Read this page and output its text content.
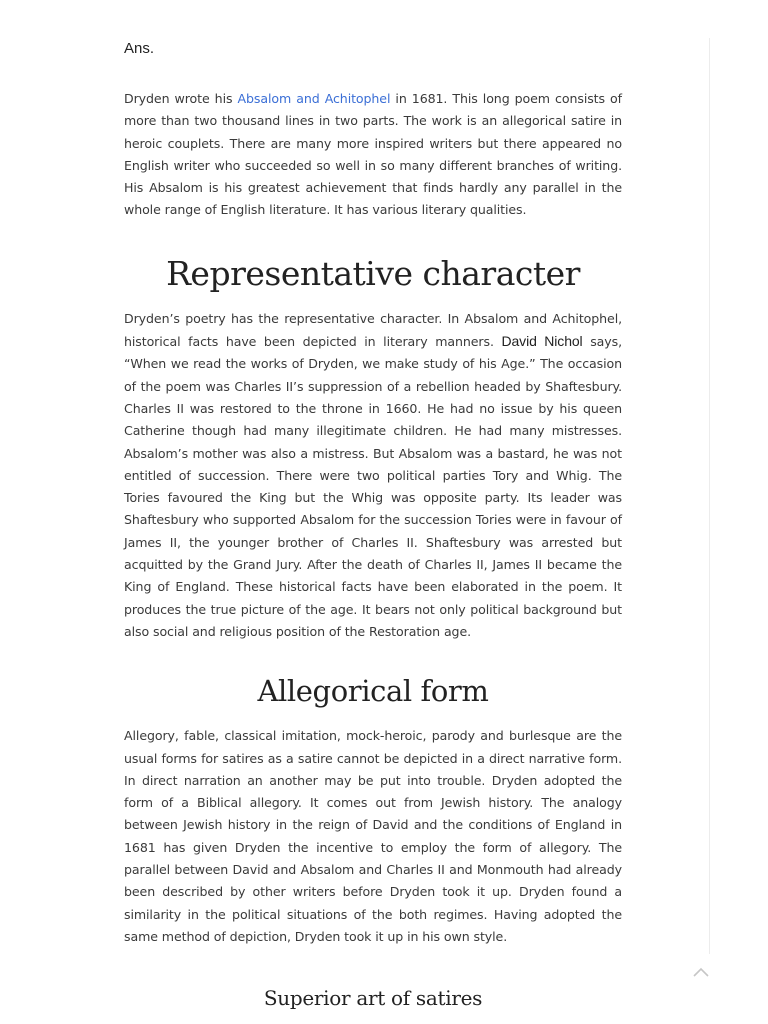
Ans.

Dryden wrote his Absalom and Achitophel in 1681. This long poem consists of more than two thousand lines in two parts. The work is an allegorical satire in heroic couplets. There are many more inspired writers but there appeared no English writer who succeeded so well in so many different branches of writing. His Absalom is his greatest achievement that finds hardly any parallel in the whole range of English literature. It has various literary qualities.

Representative character

Dryden’s poetry has the representative character. In Absalom and Achitophel, historical facts have been depicted in literary manners. David Nichol says, “When we read the works of Dryden, we make study of his Age.” The occasion of the poem was Charles II’s suppression of a rebellion headed by Shaftesbury. Charles II was restored to the throne in 1660. He had no issue by his queen Catherine though had many illegitimate children. He had many mistresses. Absalom’s mother was also a mistress. But Absalom was a bastard, he was not entitled of succession. There were two political parties Tory and Whig. The Tories favoured the King but the Whig was opposite party. Its leader was Shaftesbury who supported Absalom for the succession Tories were in favour of James II, the younger brother of Charles II. Shaftesbury was arrested but acquitted by the Grand Jury. After the death of Charles II, James II became the King of England. These historical facts have been elaborated in the poem. It produces the true picture of the age. It bears not only political background but also social and religious position of the Restoration age.

Allegorical form

Allegory, fable, classical imitation, mock-heroic, parody and burlesque are the usual forms for satires as a satire cannot be depicted in a direct narrative form. In direct narration an another may be put into trouble. Dryden adopted the form of a Biblical allegory. It comes out from Jewish history. The analogy between Jewish history in the reign of David and the conditions of England in 1681 has given Dryden the incentive to employ the form of allegory. The parallel between David and Absalom and Charles II and Monmouth had already been described by other writers before Dryden took it up. Dryden found a similarity in the political situations of the both regimes. Having adopted the same method of depiction, Dryden took it up in his own style.

Superior art of satires
